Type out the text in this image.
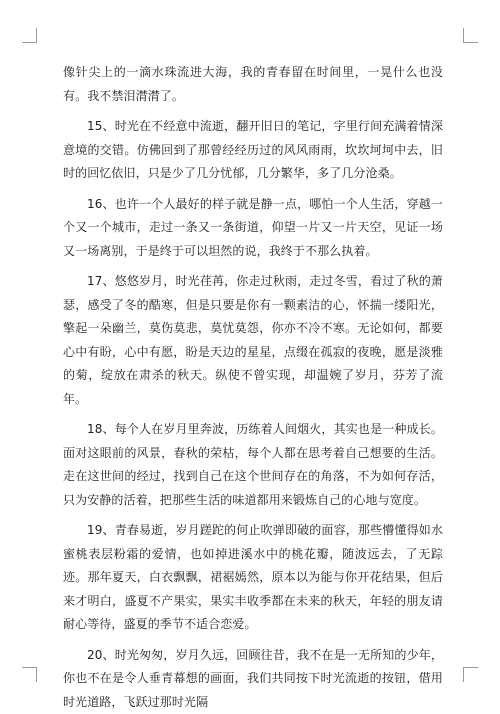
像针尖上的一滴水珠流进大海，我的青春留在时间里，一晃什么也没有。我不禁泪潸潸了。

15、时光在不经意中流逝，翻开旧日的笔记，字里行间充满着情深意境的交错。仿佛回到了那曾经经历过的风风雨雨，坎坎坷坷中去，旧时的回忆依旧，只是少了几分忧郁，几分繁华，多了几分沧桑。

16、也许一个人最好的样子就是静一点，哪怕一个人生活，穿越一个又一个城市，走过一条又一条街道，仰望一片又一片天空，见证一场又一场离别，于是终于可以坦然的说，我终于不那么执着。

17、悠悠岁月，时光荏苒，你走过秋雨，走过冬雪，看过了秋的萧瑟，感受了冬的酷寒，但是只要是你有一颗素洁的心，怀揣一缕阳光，擎起一朵幽兰，莫伤莫悲，莫忧莫怨，你亦不冷不寒。无论如何，都要心中有盼，心中有愿，盼是天边的星星，点缀在孤寂的夜晚，愿是淡雅的菊，绽放在肃杀的秋天。纵使不曾实现，却温婉了岁月，芬芳了流年。

18、每个人在岁月里奔波，历练着人间烟火，其实也是一种成长。面对这眼前的风景，春秋的荣枯，每个人都在思考着自己想要的生活。走在这世间的经过，找到自己在这个世间存在的角落，不为如何存活，只为安静的活着，把那些生活的味道都用来锻炼自己的心地与宽度。

19、青春易逝，岁月蹉跎的何止吹弹即破的面容，那些懵懂得如水蜜桃表层粉霜的爱情，也如掉进溪水中的桃花瓣，随波远去，了无踪迹。那年夏天，白衣飘飘，裙裾嫣然，原本以为能与你开花结果，但后来才明白，盛夏不产果实，果实丰收季都在未来的秋天，年轻的朋友请耐心等待，盛夏的季节不适合恋爱。

20、时光匆匆，岁月久远，回顾往昔，我不在是一无所知的少年，你也不在是令人垂青幕想的画面，我们共同按下时光流逝的按钮，借用时光道路，飞跃过那时光隔
